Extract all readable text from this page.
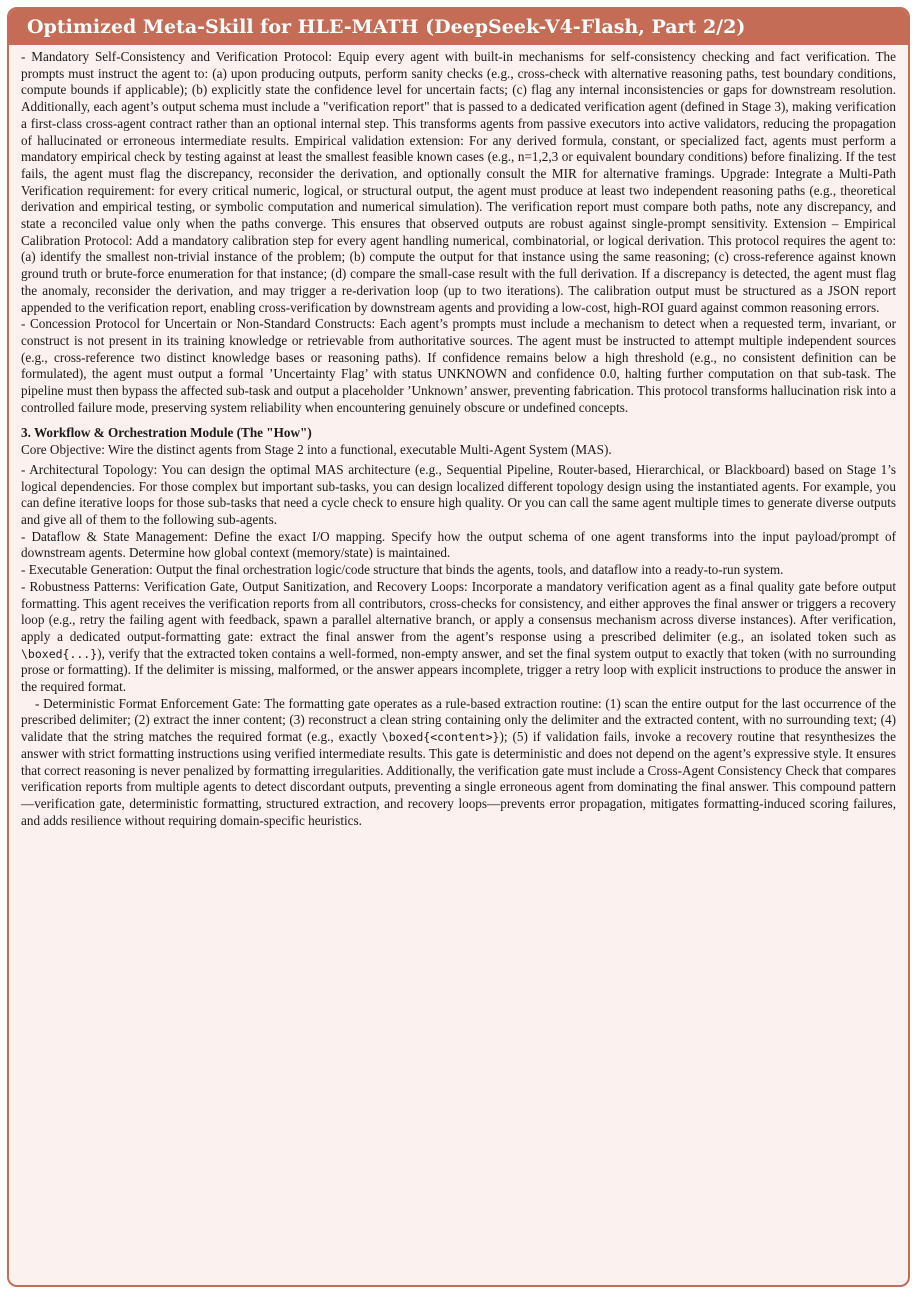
Optimized Meta-Skill for HLE-MATH (DeepSeek-V4-Flash, Part 2/2)

- Mandatory Self-Consistency and Verification Protocol: Equip every agent with built-in mechanisms for self-consistency checking and fact verification. The prompts must instruct the agent to: (a) upon producing outputs, perform sanity checks (e.g., cross-check with alternative reasoning paths, test boundary conditions, compute bounds if applicable); (b) explicitly state the confidence level for uncertain facts; (c) flag any internal inconsistencies or gaps for downstream resolution. Additionally, each agent’s output schema must include a "verification report" that is passed to a dedicated verification agent (defined in Stage 3), making verification a first-class cross-agent contract rather than an optional internal step. This transforms agents from passive executors into active validators, reducing the propagation of hallucinated or erroneous intermediate results. Empirical validation extension: For any derived formula, constant, or specialized fact, agents must perform a mandatory empirical check by testing against at least the smallest feasible known cases (e.g., n=1,2,3 or equivalent boundary conditions) before finalizing. If the test fails, the agent must flag the discrepancy, reconsider the derivation, and optionally consult the MIR for alternative framings. Upgrade: Integrate a Multi-Path Verification requirement: for every critical numeric, logical, or structural output, the agent must produce at least two independent reasoning paths (e.g., theoretical derivation and empirical testing, or symbolic computation and numerical simulation). The verification report must compare both paths, note any discrepancy, and state a reconciled value only when the paths converge. This ensures that observed outputs are robust against single-prompt sensitivity. Extension – Empirical Calibration Protocol: Add a mandatory calibration step for every agent handling numerical, combinatorial, or logical derivation. This protocol requires the agent to: (a) identify the smallest non-trivial instance of the problem; (b) compute the output for that instance using the same reasoning; (c) cross-reference against known ground truth or brute-force enumeration for that instance; (d) compare the small-case result with the full derivation. If a discrepancy is detected, the agent must flag the anomaly, reconsider the derivation, and may trigger a re-derivation loop (up to two iterations). The calibration output must be structured as a JSON report appended to the verification report, enabling cross-verification by downstream agents and providing a low-cost, high-ROI guard against common reasoning errors.

- Concession Protocol for Uncertain or Non-Standard Constructs: Each agent’s prompts must include a mechanism to detect when a requested term, invariant, or construct is not present in its training knowledge or retrievable from authoritative sources. The agent must be instructed to attempt multiple independent sources (e.g., cross-reference two distinct knowledge bases or reasoning paths). If confidence remains below a high threshold (e.g., no consistent definition can be formulated), the agent must output a formal ’Uncertainty Flag’ with status UNKNOWN and confidence 0.0, halting further computation on that sub-task. The pipeline must then bypass the affected sub-task and output a placeholder ’Unknown’ answer, preventing fabrication. This protocol transforms hallucination risk into a controlled failure mode, preserving system reliability when encountering genuinely obscure or undefined concepts.

3. Workflow & Orchestration Module (The "How")

Core Objective: Wire the distinct agents from Stage 2 into a functional, executable Multi-Agent System (MAS).

- Architectural Topology: You can design the optimal MAS architecture (e.g., Sequential Pipeline, Router-based, Hierarchical, or Blackboard) based on Stage 1’s logical dependencies. For those complex but important sub-tasks, you can design localized different topology design using the instantiated agents. For example, you can define iterative loops for those sub-tasks that need a cycle check to ensure high quality. Or you can call the same agent multiple times to generate diverse outputs and give all of them to the following sub-agents.

- Dataflow & State Management: Define the exact I/O mapping. Specify how the output schema of one agent transforms into the input payload/prompt of downstream agents. Determine how global context (memory/state) is maintained.

- Executable Generation: Output the final orchestration logic/code structure that binds the agents, tools, and dataflow into a ready-to-run system.

- Robustness Patterns: Verification Gate, Output Sanitization, and Recovery Loops: Incorporate a mandatory verification agent as a final quality gate before output formatting. This agent receives the verification reports from all contributors, cross-checks for consistency, and either approves the final answer or triggers a recovery loop (e.g., retry the failing agent with feedback, spawn a parallel alternative branch, or apply a consensus mechanism across diverse instances). After verification, apply a dedicated output-formatting gate: extract the final answer from the agent’s response using a prescribed delimiter (e.g., an isolated token such as \boxed{...}), verify that the extracted token contains a well-formed, non-empty answer, and set the final system output to exactly that token (with no surrounding prose or formatting). If the delimiter is missing, malformed, or the answer appears incomplete, trigger a retry loop with explicit instructions to produce the answer in the required format.

- Deterministic Format Enforcement Gate: The formatting gate operates as a rule-based extraction routine: (1) scan the entire output for the last occurrence of the prescribed delimiter; (2) extract the inner content; (3) reconstruct a clean string containing only the delimiter and the extracted content, with no surrounding text; (4) validate that the string matches the required format (e.g., exactly \boxed{<content>}); (5) if validation fails, invoke a recovery routine that resynthesizes the answer with strict formatting instructions using verified intermediate results. This gate is deterministic and does not depend on the agent’s expressive style. It ensures that correct reasoning is never penalized by formatting irregularities. Additionally, the verification gate must include a Cross-Agent Consistency Check that compares verification reports from multiple agents to detect discordant outputs, preventing a single erroneous agent from dominating the final answer. This compound pattern—verification gate, deterministic formatting, structured extraction, and recovery loops—prevents error propagation, mitigates formatting-induced scoring failures, and adds resilience without requiring domain-specific heuristics.
